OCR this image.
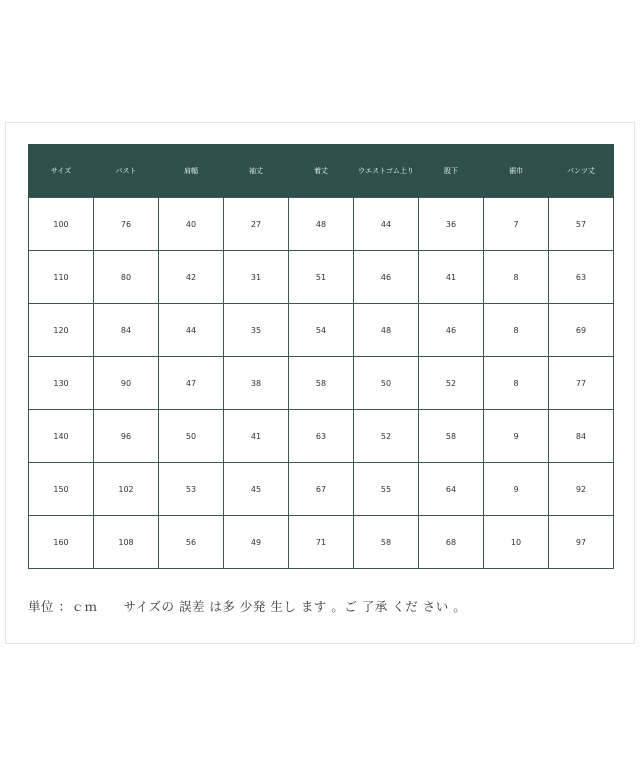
サイズ	バスト	肩幅	袖丈	着丈	ウエストゴム上り	股下	裾巾	パンツ丈
100	76	40	27	48	44	36	7	57
110	80	42	31	51	46	41	8	63
120	84	44	35	54	48	46	8	69
130	90	47	38	58	50	52	8	77
140	96	50	41	63	52	58	9	84
150	102	53	45	67	55	64	9	92
160	108	56	49	71	58	68	10	97
単位 ：ｃｍ　　サイズの 誤差 は多 少発 生し ます 。ご 了承 くだ さい 。
